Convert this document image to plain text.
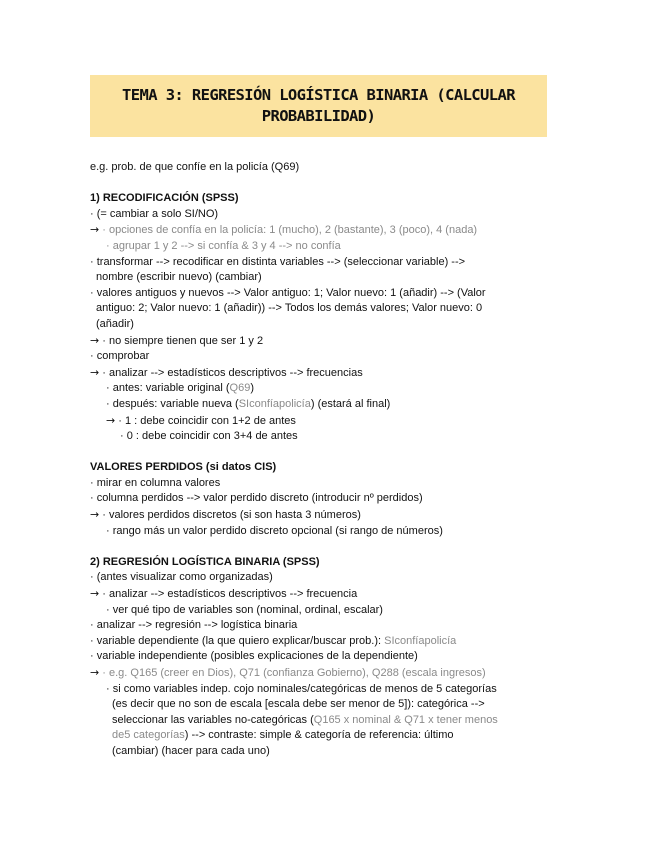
TEMA 3: REGRESIÓN LOGÍSTICA BINARIA (CALCULAR
PROBABILIDAD)
e.g. prob. de que confíe en la policía (Q69)
1) RECODIFICACIÓN (SPSS)
· (= cambiar a solo SI/NO)
→ · opciones de confía en la policía: 1 (mucho), 2 (bastante), 3 (poco), 4 (nada)
· agrupar 1 y 2 --> si confía & 3 y 4 --> no confía
· transformar --> recodificar en distinta variables --> (seleccionar variable) -->
nombre (escribir nuevo) (cambiar)
· valores antiguos y nuevos --> Valor antiguo: 1; Valor nuevo: 1 (añadir) --> (Valor
antiguo: 2; Valor nuevo: 1 (añadir)) --> Todos los demás valores; Valor nuevo: 0
(añadir)
→ · no siempre tienen que ser 1 y 2
· comprobar
→ · analizar --> estadísticos descriptivos --> frecuencias
· antes: variable original (Q69)
· después: variable nueva (SIconfíapolicía) (estará al final)
→ · 1 : debe coincidir con 1+2 de antes
· 0 : debe coincidir con 3+4 de antes
VALORES PERDIDOS (si datos CIS)
· mirar en columna valores
· columna perdidos --> valor perdido discreto (introducir nº perdidos)
→ · valores perdidos discretos (si son hasta 3 números)
· rango más un valor perdido discreto opcional (si rango de números)
2) REGRESIÓN LOGÍSTICA BINARIA (SPSS)
· (antes visualizar como organizadas)
→ · analizar --> estadísticos descriptivos --> frecuencia
· ver qué tipo de variables son (nominal, ordinal, escalar)
· analizar --> regresión --> logística binaria
· variable dependiente (la que quiero explicar/buscar prob.): SIconfíapolicía
· variable independiente (posibles explicaciones de la dependiente)
→ · e.g. Q165 (creer en Dios), Q71 (confianza Gobierno), Q288 (escala ingresos)
· si como variables indep. cojo nominales/categóricas de menos de 5 categorías
(es decir que no son de escala [escala debe ser menor de 5]): categórica -->
seleccionar las variables no-categóricas (Q165 x nominal & Q71 x tener menos
de5 categorías) --> contraste: simple & categoría de referencia: último
(cambiar) (hacer para cada uno)
